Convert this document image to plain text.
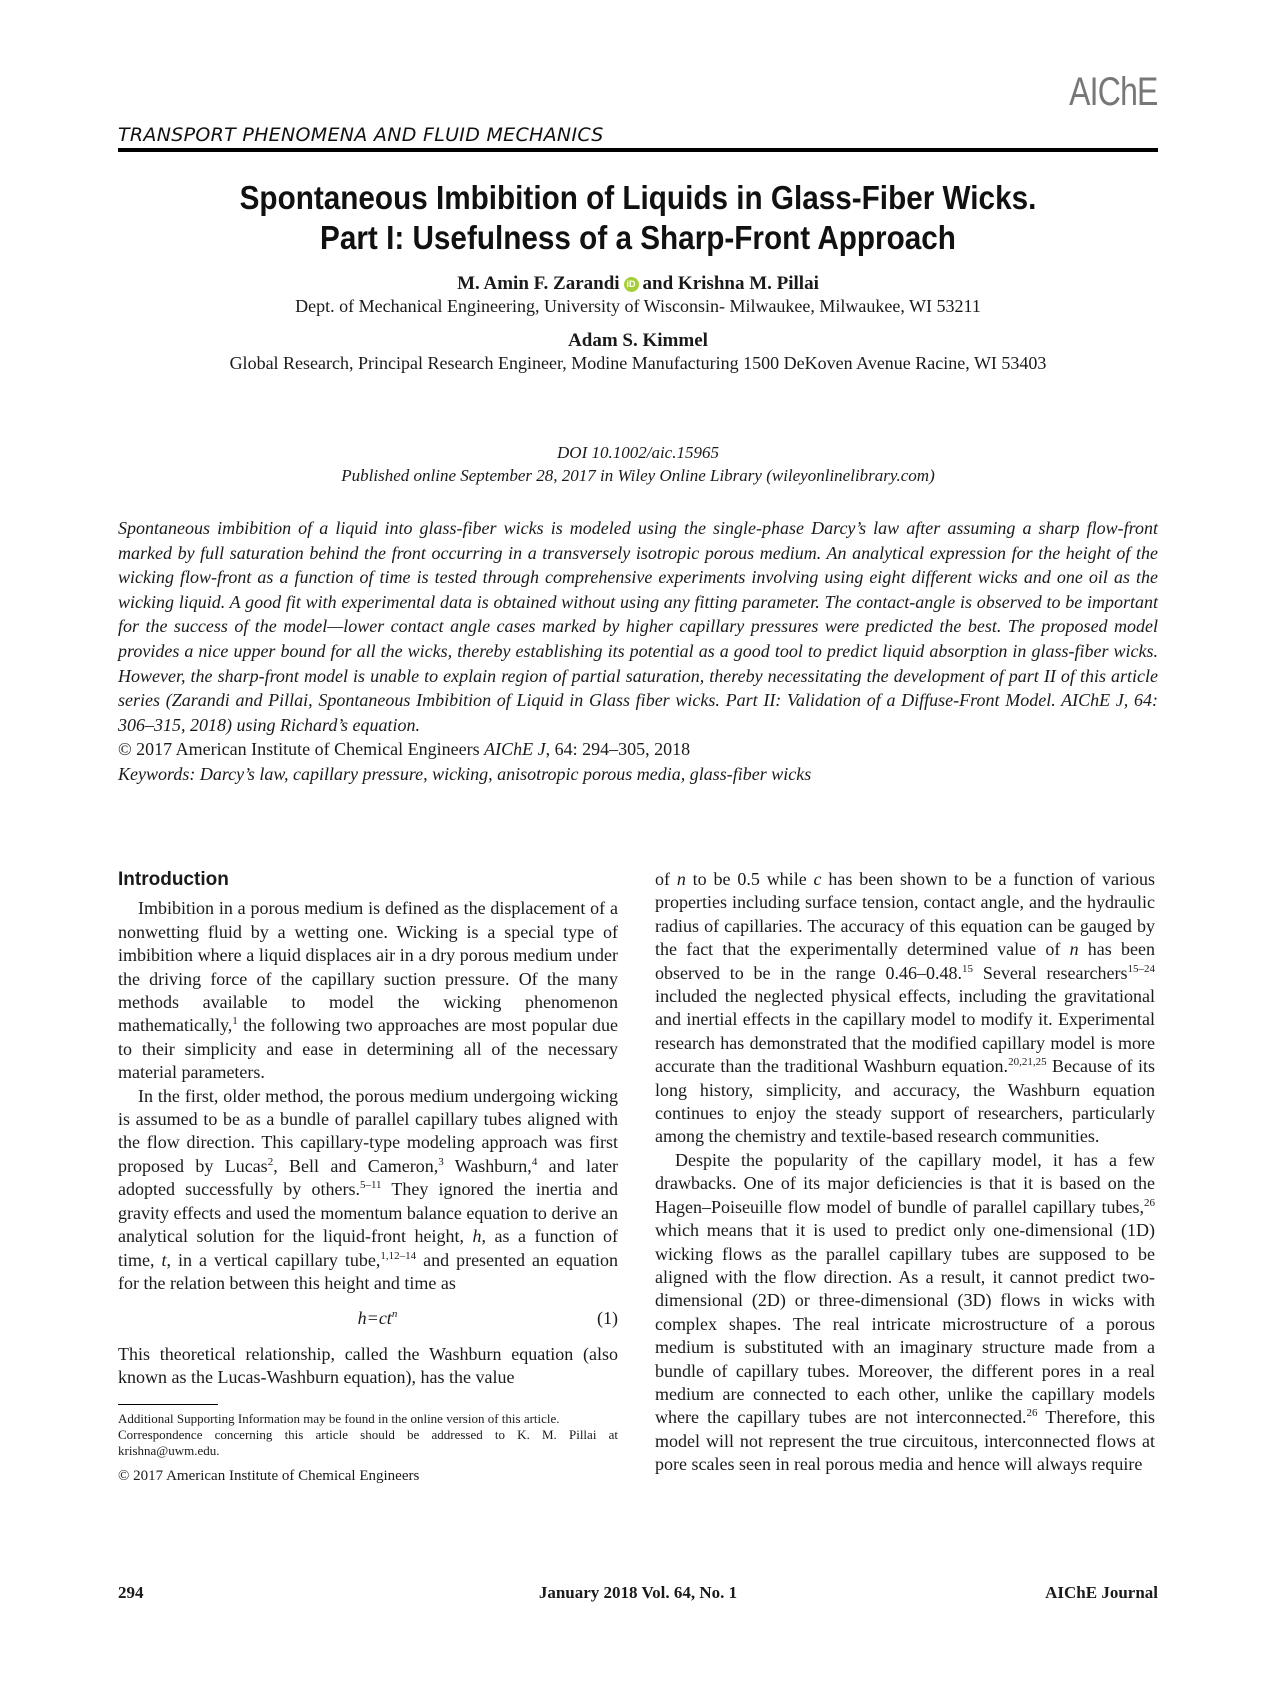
AIChE
TRANSPORT PHENOMENA AND FLUID MECHANICS
Spontaneous Imbibition of Liquids in Glass-Fiber Wicks.
Part I: Usefulness of a Sharp-Front Approach
M. Amin F. Zarandi iD and Krishna M. Pillai
Dept. of Mechanical Engineering, University of Wisconsin- Milwaukee, Milwaukee, WI 53211
Adam S. Kimmel
Global Research, Principal Research Engineer, Modine Manufacturing 1500 DeKoven Avenue Racine, WI 53403
DOI 10.1002/aic.15965
Published online September 28, 2017 in Wiley Online Library (wileyonlinelibrary.com)

Spontaneous imbibition of a liquid into glass-fiber wicks is modeled using the single-phase Darcy’s law after assuming a sharp flow-front marked by full saturation behind the front occurring in a transversely isotropic porous medium. An analytical expression for the height of the wicking flow-front as a function of time is tested through comprehensive experiments involving using eight different wicks and one oil as the wicking liquid. A good fit with experimental data is obtained without using any fitting parameter. The contact-angle is observed to be important for the success of the model—lower contact angle cases marked by higher capillary pressures were predicted the best. The proposed model provides a nice upper bound for all the wicks, thereby establishing its potential as a good tool to predict liquid absorption in glass-fiber wicks. However, the sharp-front model is unable to explain region of partial saturation, thereby necessitating the development of part II of this article series (Zarandi and Pillai, Spontaneous Imbibition of Liquid in Glass fiber wicks. Part II: Validation of a Diffuse-Front Model. AIChE J, 64: 306–315, 2018) using Richard’s equation.

© 2017 American Institute of Chemical Engineers AIChE J, 64: 294–305, 2018
Keywords: Darcy’s law, capillary pressure, wicking, anisotropic porous media, glass-fiber wicks
Introduction

Imbibition in a porous medium is defined as the displacement of a nonwetting fluid by a wetting one. Wicking is a special type of imbibition where a liquid displaces air in a dry porous medium under the driving force of the capillary suction pressure. Of the many methods available to model the wicking phenomenon mathematically,$^1$ the following two approaches are most popular due to their simplicity and ease in determining all of the necessary material parameters.

In the first, older method, the porous medium undergoing wicking is assumed to be as a bundle of parallel capillary tubes aligned with the flow direction. This capillary-type modeling approach was first proposed by Lucas$^2$, Bell and Cameron,$^3$ Washburn,$^4$ and later adopted successfully by others.$^{5-11}$ They ignored the inertia and gravity effects and used the momentum balance equation to derive an analytical solution for the liquid-front height, h, as a function of time, t, in a vertical capillary tube,$^{1,12-14}$ and presented an equation for the relation between this height and time as

$h=ct^n$	(1)

This theoretical relationship, called the Washburn equation (also known as the Lucas-Washburn equation), has the value

Additional Supporting Information may be found in the online version of this article.

Correspondence concerning this article should be addressed to K. M. Pillai at krishna@uwm.edu.

© 2017 American Institute of Chemical Engineers

of n to be 0.5 while c has been shown to be a function of various properties including surface tension, contact angle, and the hydraulic radius of capillaries. The accuracy of this equation can be gauged by the fact that the experimentally determined value of n has been observed to be in the range 0.46–0.48.15 Several researchers$^{15-24}$ included the neglected physical effects, including the gravitational and inertial effects in the capillary model to modify it. Experimental research has demonstrated that the modified capillary model is more accurate than the traditional Washburn equation.$^{20,21,25}$ Because of its long history, simplicity, and accuracy, the Washburn equation continues to enjoy the steady support of researchers, particularly among the chemistry and textile-based research communities.

Despite the popularity of the capillary model, it has a few drawbacks. One of its major deficiencies is that it is based on the Hagen–Poiseuille flow model of bundle of parallel capillary tubes,$^{26}$ which means that it is used to predict only one-dimensional (1D) wicking flows as the parallel capillary tubes are supposed to be aligned with the flow direction. As a result, it cannot predict two-dimensional (2D) or three-dimensional (3D) flows in wicks with complex shapes. The real intricate microstructure of a porous medium is substituted with an imaginary structure made from a bundle of capillary tubes. Moreover, the different pores in a real medium are connected to each other, unlike the capillary models where the capillary tubes are not interconnected.$^{26}$ Therefore, this model will not represent the true circuitous, interconnected flows at pore scales seen in real porous media and hence will always require

294	January 2018 Vol. 64, No. 1	AIChE Journal
